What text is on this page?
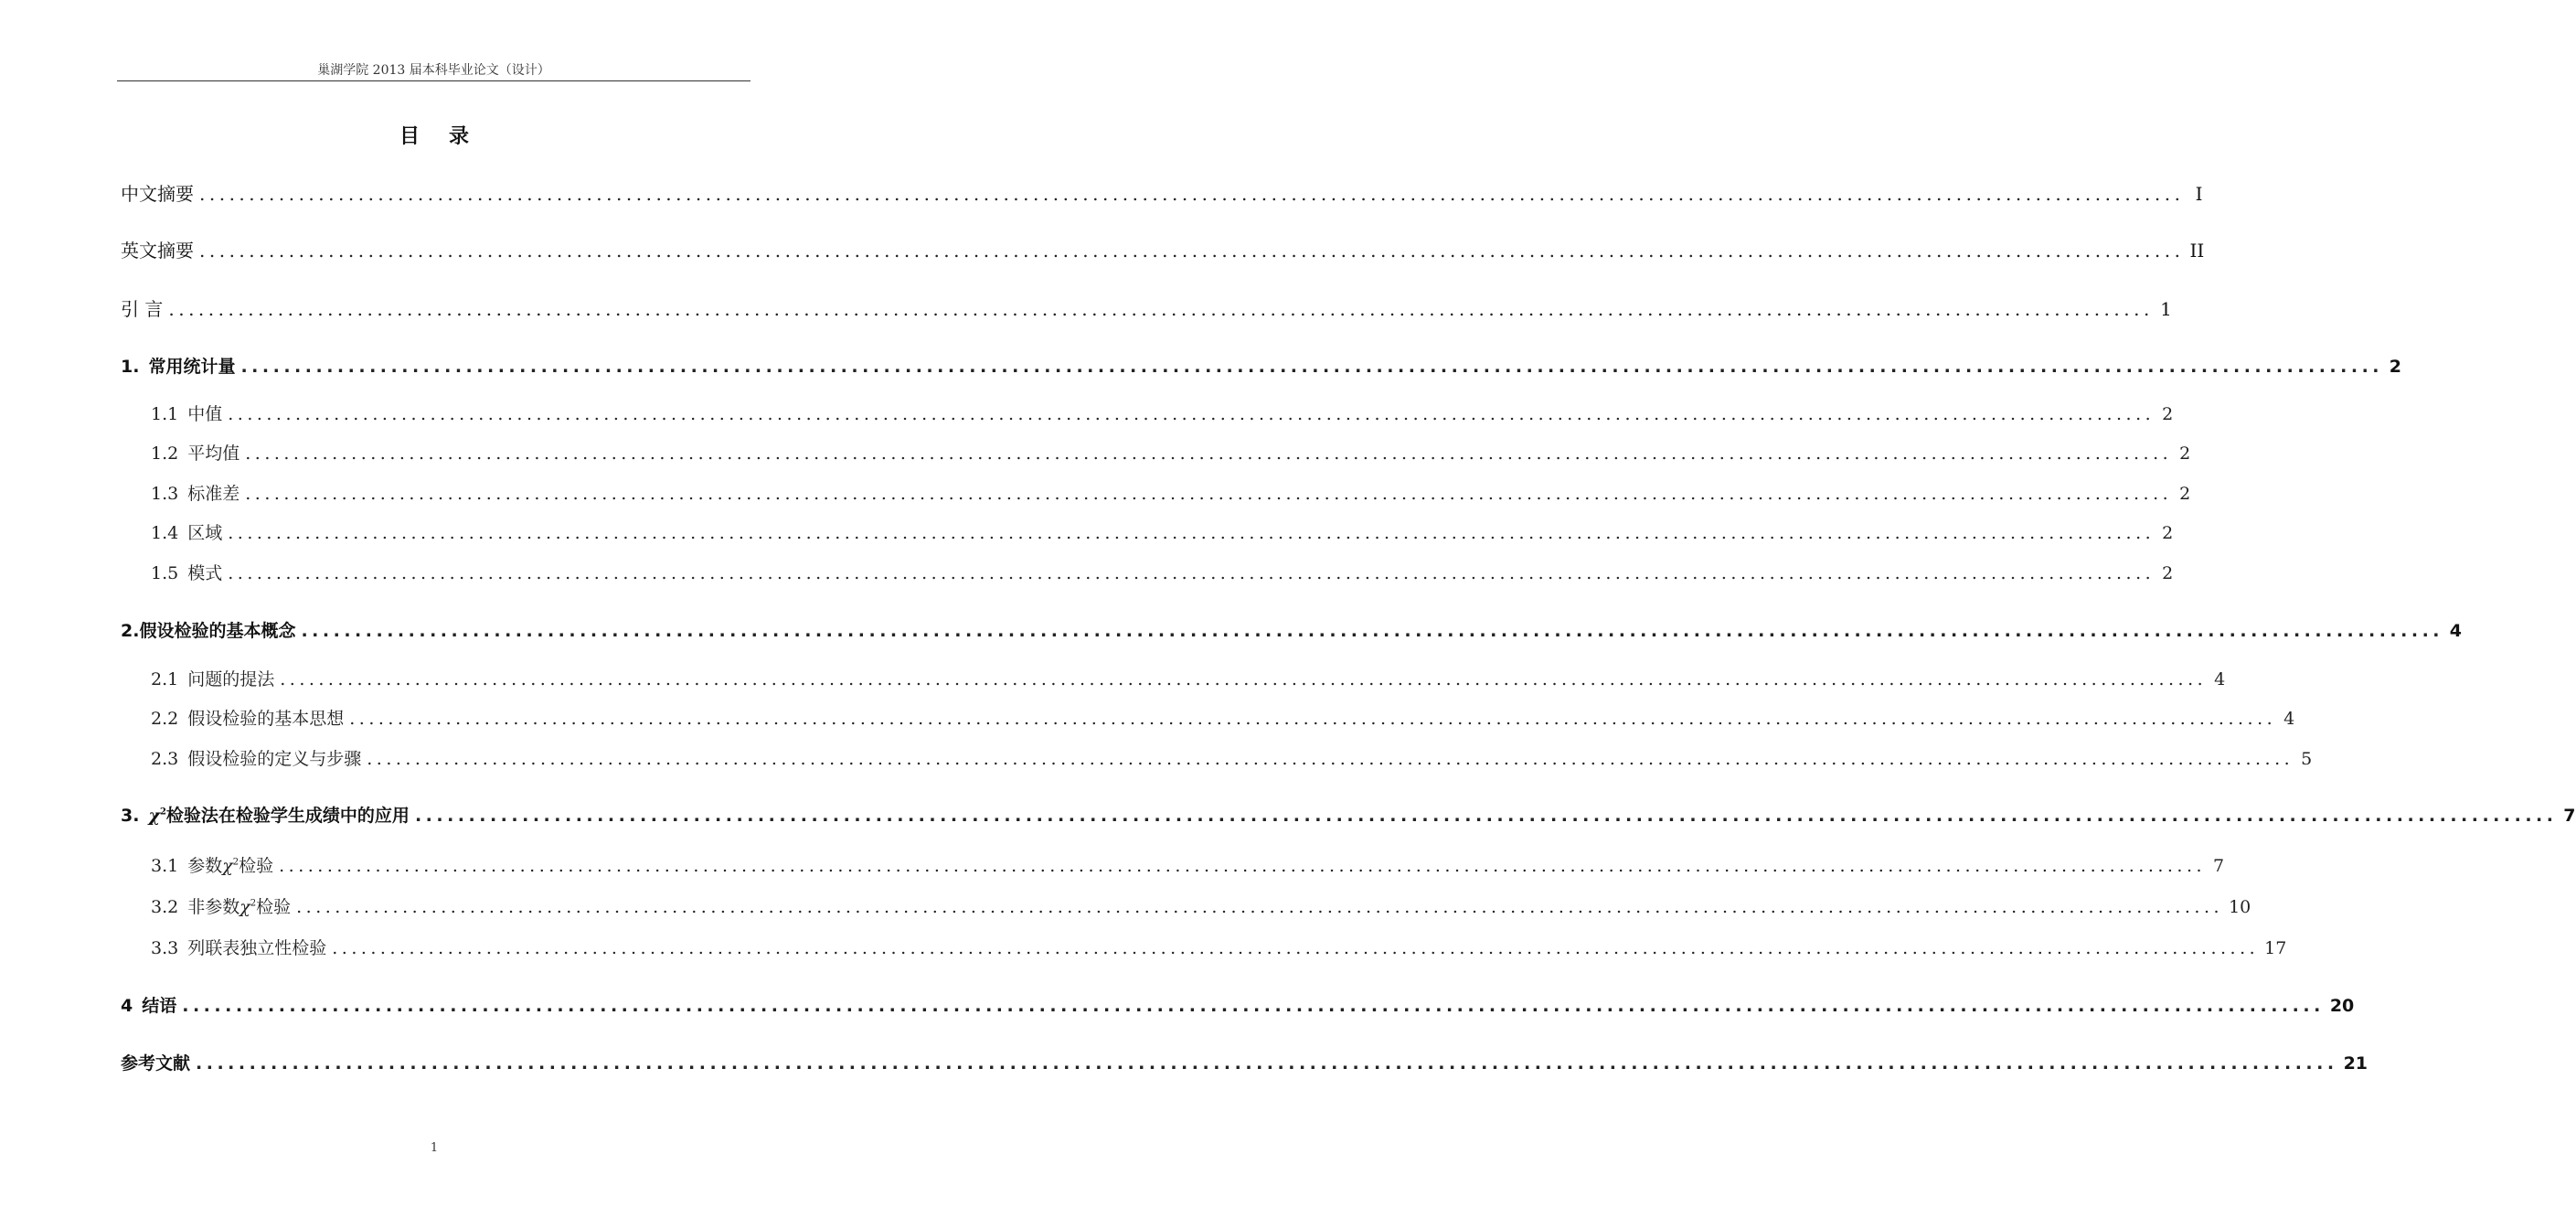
巢湖学院 2013 届本科毕业论文（设计）
目录
中文摘要 ........................................................................................................................................................................................................ I
英文摘要 ........................................................................................................................................................................................................ II
引 言 ........................................................................................................................................................................................................ 1
1. 常用统计量 ........................................................................................................................................................................................................ 2
1.1 中值 ........................................................................................................................................................................................................ 2
1.2 平均值 ........................................................................................................................................................................................................ 2
1.3 标准差 ........................................................................................................................................................................................................ 2
1.4 区域 ........................................................................................................................................................................................................ 2
1.5 模式 ........................................................................................................................................................................................................ 2
2.假设检验的基本概念 ........................................................................................................................................................................................................ 4
2.1 问题的提法 ........................................................................................................................................................................................................ 4
2.2 假设检验的基本思想 ........................................................................................................................................................................................................ 4
2.3 假设检验的定义与步骤 ........................................................................................................................................................................................................ 5
3. $\chi^2$检验法在检验学生成绩中的应用 ........................................................................................................................................................................................................ 7
3.1 参数$\chi^2$检验 ........................................................................................................................................................................................................ 7
3.2 非参数$\chi^2$检验 ........................................................................................................................................................................................................ 10
3.3 列联表独立性检验 ........................................................................................................................................................................................................ 17
4 结语 ........................................................................................................................................................................................................ 20
参考文献 ........................................................................................................................................................................................................ 21
1
